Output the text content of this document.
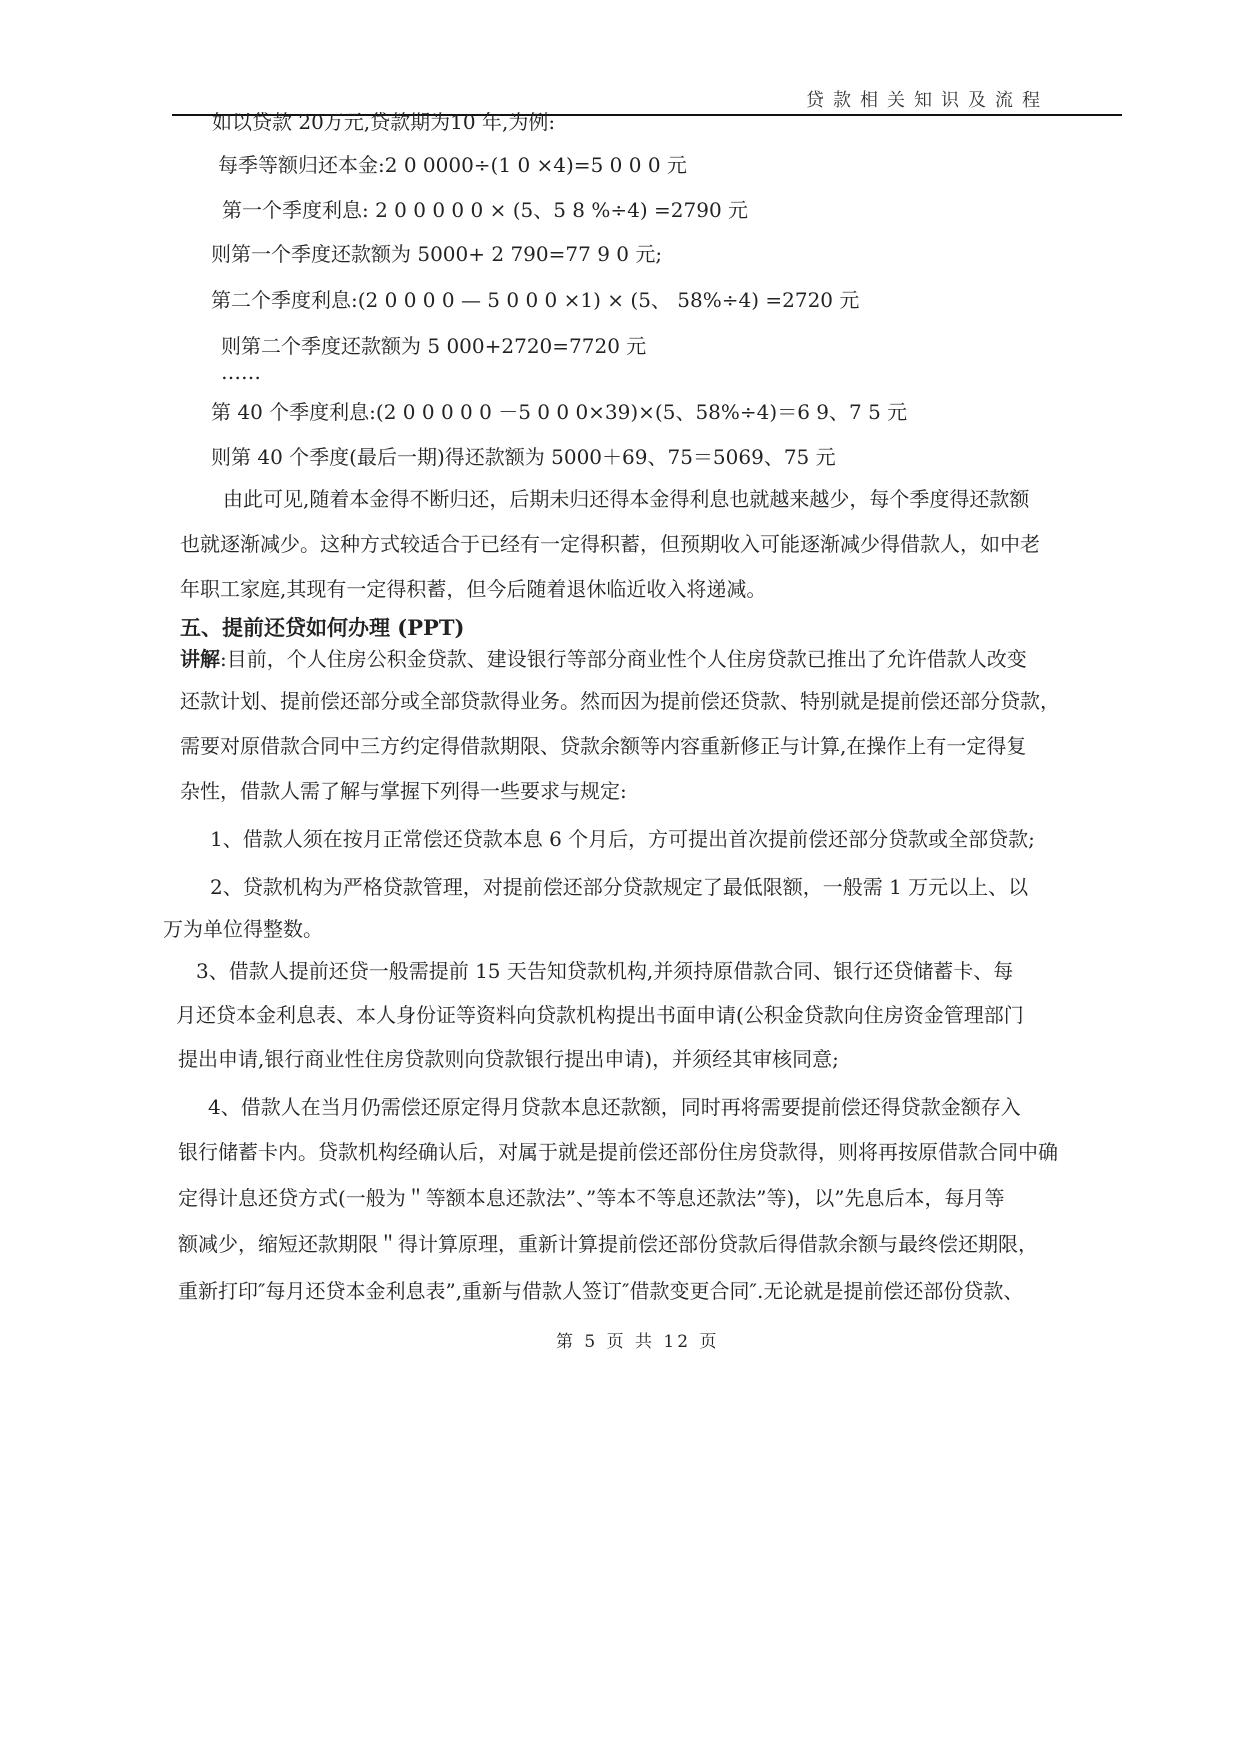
贷款相关知识及流程
如以贷款 20万元,贷款期为10 年,为例:
每季等额归还本金:2 0 0000÷(1 0 ×4)=5 0 0 0 元
第一个季度利息: 2 0 0 0 0 0 × (5、5 8 %÷4) =2790 元
则第一个季度还款额为 5000+ 2 790=77 9 0 元;
第二个季度利息:(2 0 0 0 0 — 5 0 0 0 ×1) × (5、 58%÷4) =2720 元
则第二个季度还款额为 5 000+2720=7720 元
……
第 40 个季度利息:(2 0 0 0 0 0 －5 0 0 0×39)×(5、58%÷4)＝6 9、7 5 元
则第 40 个季度(最后一期)得还款额为 5000＋69、75＝5069、75 元
由此可见,随着本金得不断归还，后期未归还得本金得利息也就越来越少，每个季度得还款额
也就逐渐减少。这种方式较适合于已经有一定得积蓄，但预期收入可能逐渐减少得借款人，如中老
年职工家庭,其现有一定得积蓄，但今后随着退休临近收入将递减。
五、提前还贷如何办理 (PPT)
讲解:目前，个人住房公积金贷款、建设银行等部分商业性个人住房贷款已推出了允许借款人改变
还款计划、提前偿还部分或全部贷款得业务。然而因为提前偿还贷款、特别就是提前偿还部分贷款，
需要对原借款合同中三方约定得借款期限、贷款余额等内容重新修正与计算,在操作上有一定得复
杂性，借款人需了解与掌握下列得一些要求与规定:
1、借款人须在按月正常偿还贷款本息 6 个月后，方可提出首次提前偿还部分贷款或全部贷款;
2、贷款机构为严格贷款管理，对提前偿还部分贷款规定了最低限额，一般需 1 万元以上、以
万为单位得整数。
3、借款人提前还贷一般需提前 15 天告知贷款机构,并须持原借款合同、银行还贷储蓄卡、每
月还贷本金利息表、本人身份证等资料向贷款机构提出书面申请(公积金贷款向住房资金管理部门
提出申请,银行商业性住房贷款则向贷款银行提出申请)，并须经其审核同意;
4、借款人在当月仍需偿还原定得月贷款本息还款额，同时再将需要提前偿还得贷款金额存入
银行储蓄卡内。贷款机构经确认后，对属于就是提前偿还部份住房贷款得，则将再按原借款合同中确
定得计息还贷方式(一般为＂等额本息还款法”、”等本不等息还款法”等)，以”先息后本，每月等
额减少，缩短还款期限＂得计算原理，重新计算提前偿还部份贷款后得借款余额与最终偿还期限，
重新打印″每月还贷本金利息表”,重新与借款人签订″借款变更合同″.无论就是提前偿还部份贷款、
第 5 页 共 12 页
